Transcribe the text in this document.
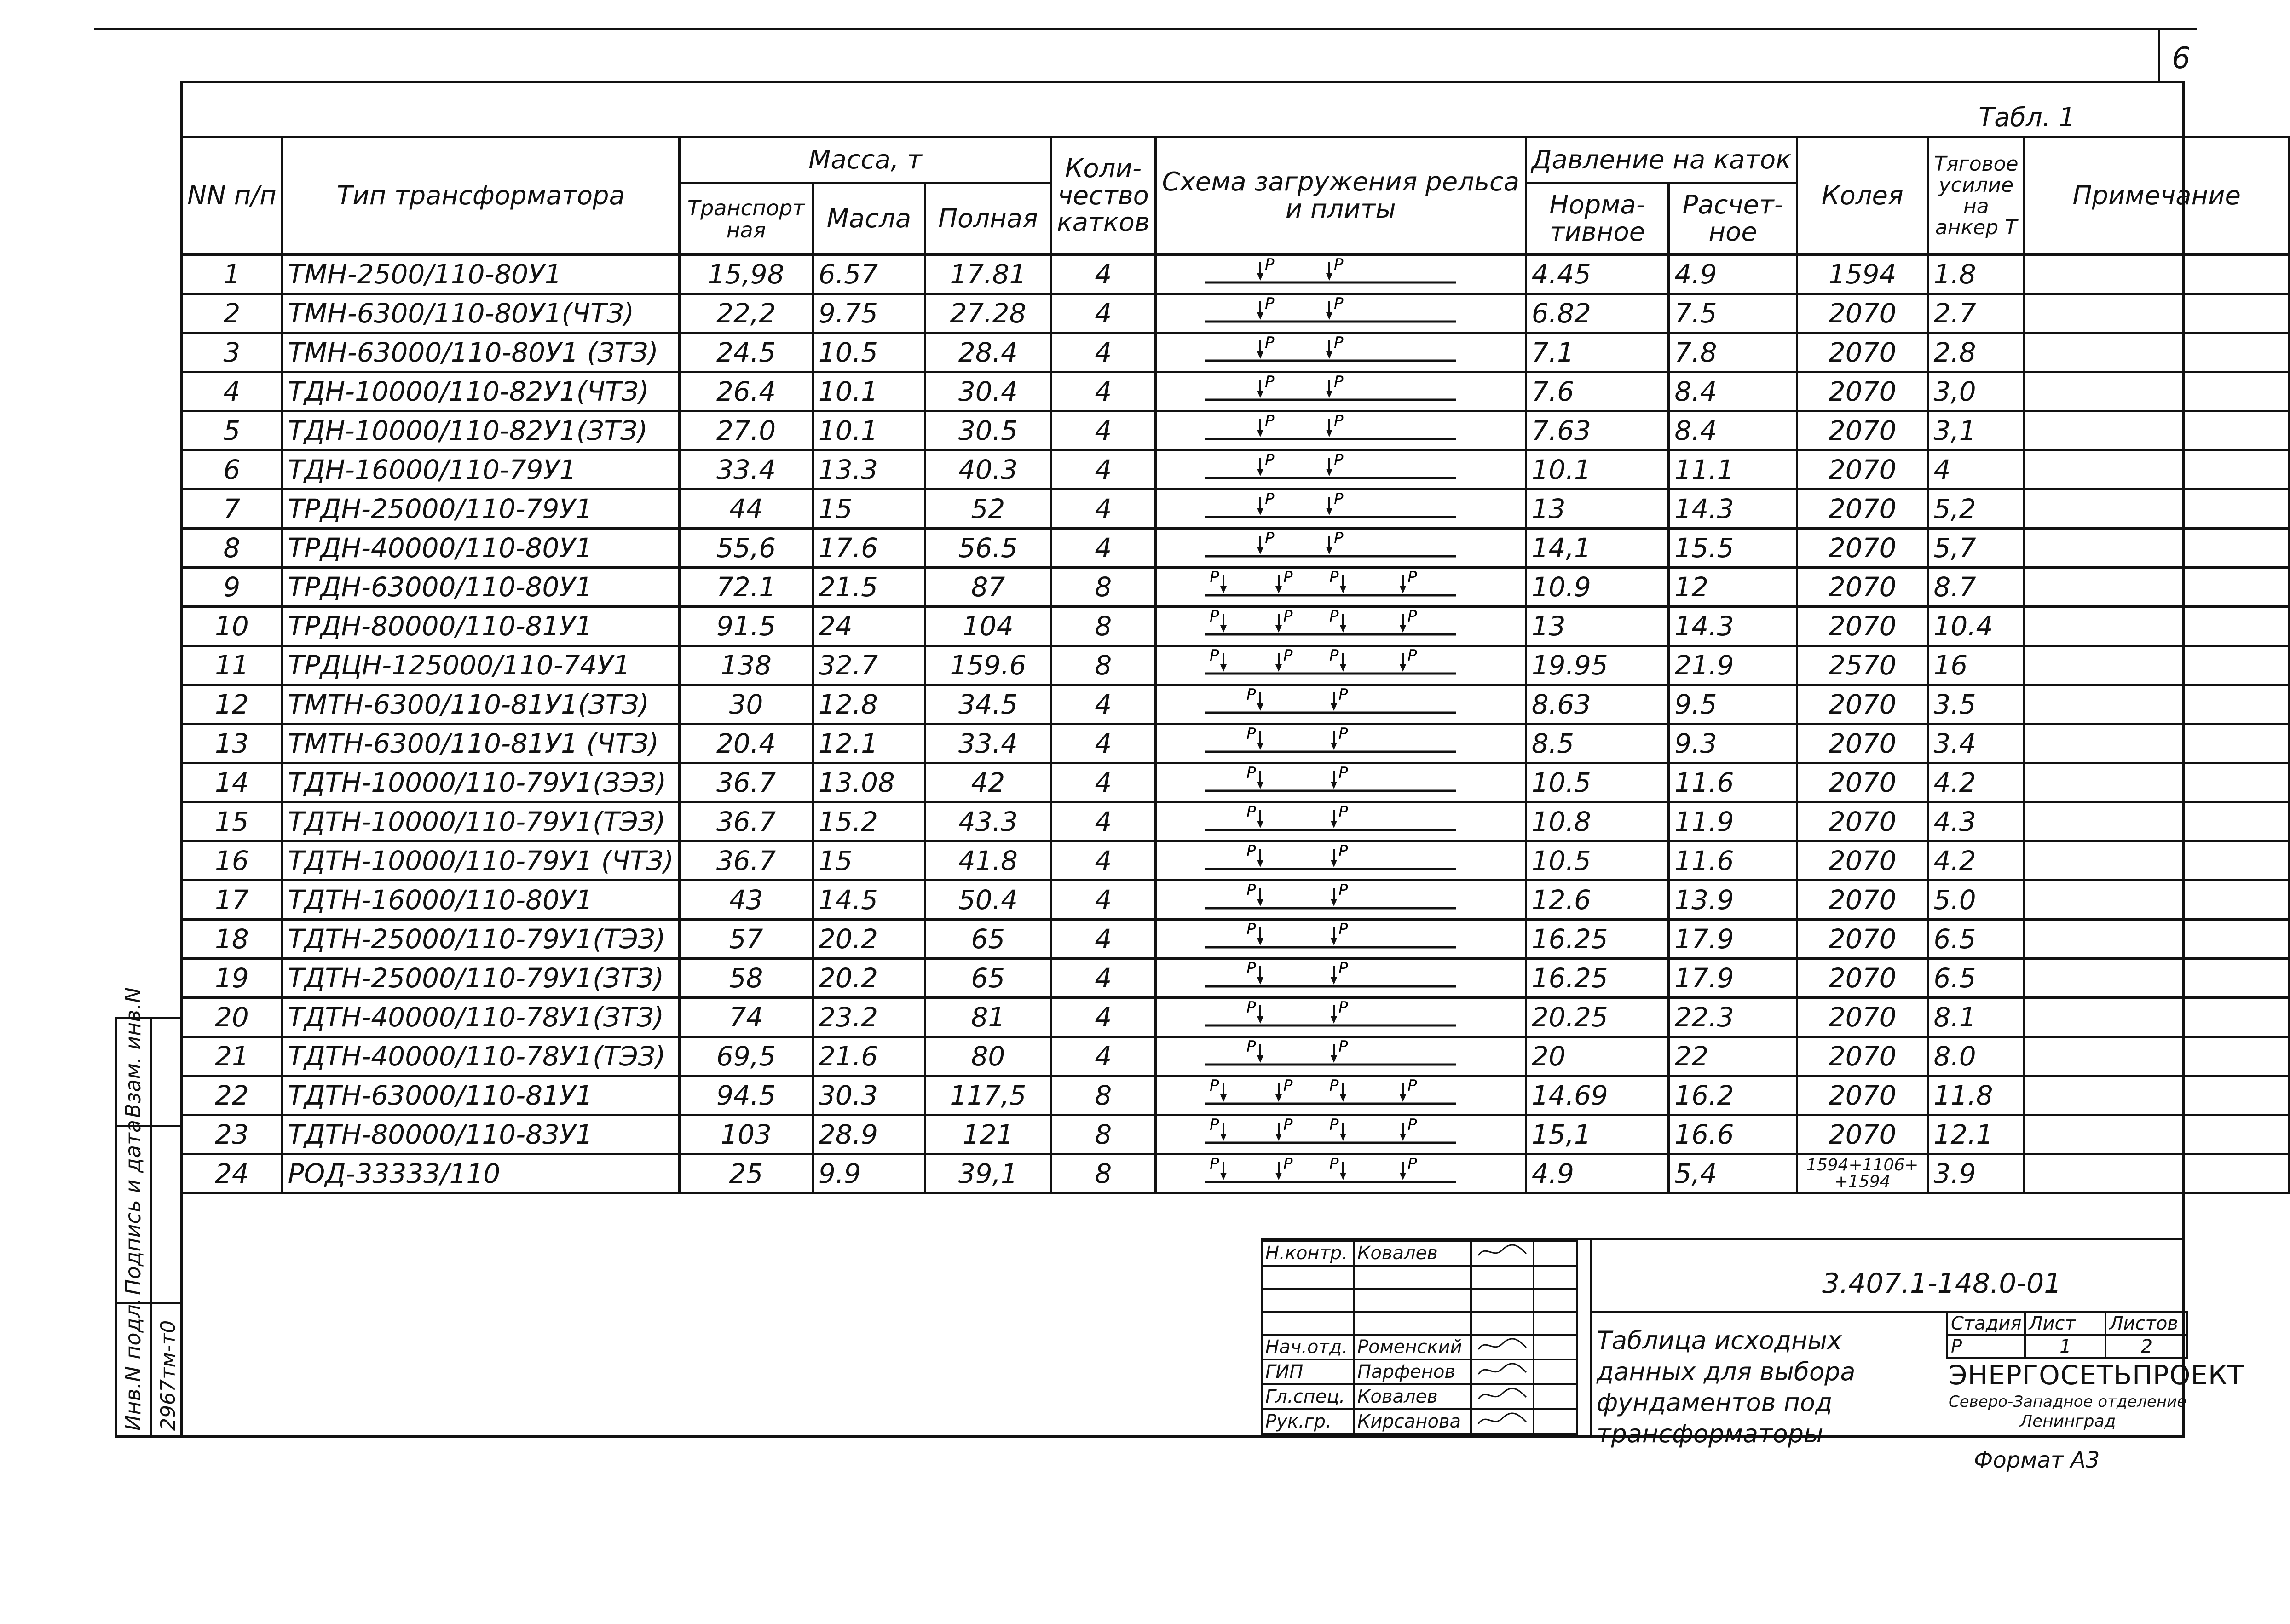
6
Табл. 1
NN п/п	Тип трансформатора	Масса, т			Коли- чество катков	Схема загружения рельса и плиты	Давление на каток		Колея	Тяговое усилие на анкер Т	Примечание
		Транспорт ная	Масла	Полная			Норма- тивное	Расчет- ное			
1	ТМН-2500/110-80У1	15,98	6.57	17.81	4	P P	4.45	4.9	1594	1.8	
2	ТМН-6300/110-80У1(ЧТЗ)	22,2	9.75	27.28	4	P P	6.82	7.5	2070	2.7	
3	ТМН-63000/110-80У1 (ЗТЗ)	24.5	10.5	28.4	4	P P	7.1	7.8	2070	2.8	
4	ТДН-10000/110-82У1(ЧТЗ)	26.4	10.1	30.4	4	P P	7.6	8.4	2070	3,0	
5	ТДН-10000/110-82У1(ЗТЗ)	27.0	10.1	30.5	4	P P	7.63	8.4	2070	3,1	
6	ТДН-16000/110-79У1	33.4	13.3	40.3	4	P P	10.1	11.1	2070	4	
7	ТРДН-25000/110-79У1	44	15	52	4	P P	13	14.3	2070	5,2	
8	ТРДН-40000/110-80У1	55,6	17.6	56.5	4	P P	14,1	15.5	2070	5,7	
9	ТРДН-63000/110-80У1	72.1	21.5	87	8	P P P P	10.9	12	2070	8.7	
10	ТРДН-80000/110-81У1	91.5	24	104	8	P P P P	13	14.3	2070	10.4	
11	ТРДЦН-125000/110-74У1	138	32.7	159.6	8	P P P P	19.95	21.9	2570	16	
12	ТМТН-6300/110-81У1(ЗТЗ)	30	12.8	34.5	4	P P	8.63	9.5	2070	3.5	
13	ТМТН-6300/110-81У1 (ЧТЗ)	20.4	12.1	33.4	4	P P	8.5	9.3	2070	3.4	
14	ТДТН-10000/110-79У1(ЗЭЗ)	36.7	13.08	42	4	P P	10.5	11.6	2070	4.2	
15	ТДТН-10000/110-79У1(ТЭЗ)	36.7	15.2	43.3	4	P P	10.8	11.9	2070	4.3	
16	ТДТН-10000/110-79У1 (ЧТЗ)	36.7	15	41.8	4	P P	10.5	11.6	2070	4.2	
17	ТДТН-16000/110-80У1	43	14.5	50.4	4	P P	12.6	13.9	2070	5.0	
18	ТДТН-25000/110-79У1(ТЭЗ)	57	20.2	65	4	P P	16.25	17.9	2070	6.5	
19	ТДТН-25000/110-79У1(ЗТЗ)	58	20.2	65	4	P P	16.25	17.9	2070	6.5	
20	ТДТН-40000/110-78У1(ЗТЗ)	74	23.2	81	4	P P	20.25	22.3	2070	8.1	
21	ТДТН-40000/110-78У1(ТЭЗ)	69,5	21.6	80	4	P P	20	22	2070	8.0	
22	ТДТН-63000/110-81У1	94.5	30.3	117,5	8	P P P P	14.69	16.2	2070	11.8	
23	ТДТН-80000/110-83У1	103	28.9	121	8	P P P P	15,1	16.6	2070	12.1	
24	РОД-33333/110	25	9.9	39,1	8	P P P P	4.9	5,4	1594+1106+ +1594	3.9	
Н.контр.	Ковалев		

Нач.отд.	Роменский		
ГИП	Парфенов		
Гл.спец.	Ковалев		
Рук.гр.	Кирсанова		
3.407.1-148.0-01
Таблица исходных данных для выбора фундаментов под трансформаторы
Стадия	Лист	Листов
Р	1	2
ЭНЕРГОСЕТЬПРОЕКТ
Северо-Западное отделение
Ленинград
Формат А3
Взам. инв.N
Подпись и дата
Инв.N подл. 2967тм-т0
